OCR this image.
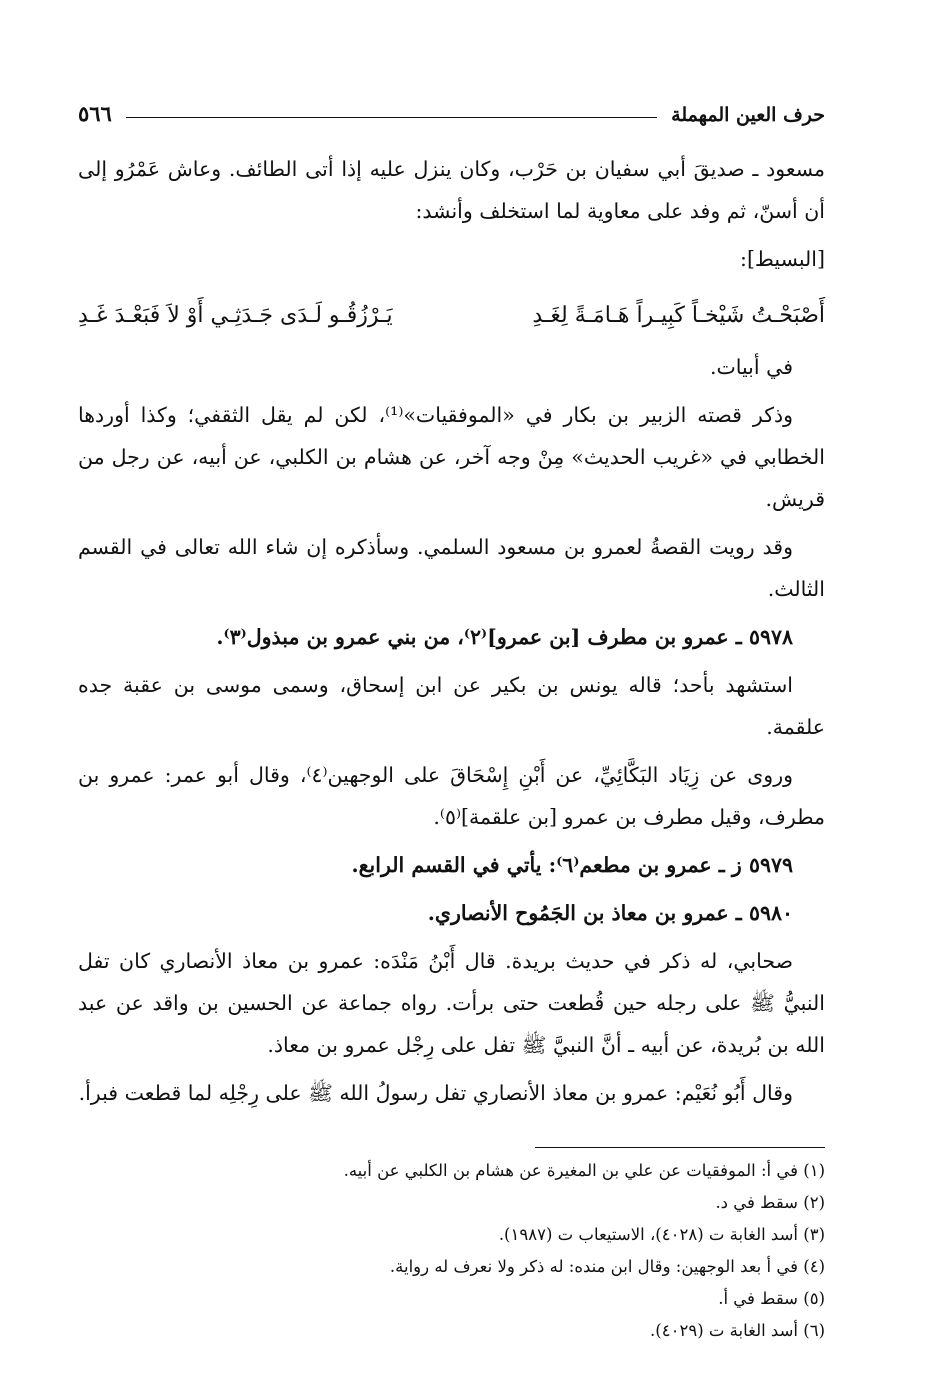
حرف العين المهملة
٥٦٦

مسعود ـ صديقَ أبي سفيان بن حَرْب، وكان ينزل عليه إذا أتى الطائف. وعاش عَمْرُو إلى أن أسنّ، ثم وفد على معاوية لما استخلف وأنشد:

[البسيط]:

أَصْبَحْـتُ شَيْخـاً كَبِيـراً هَـامَـةً لِغَـدِ
يَـرْزُقُـو لَـدَى جَـدَثِـي أَوْ لاَ فَبَعْـدَ غَـدِ

في أبيات.

وذكر قصته الزبير بن بكار في «الموفقيات»⁽¹⁾، لكن لم يقل الثقفي؛ وكذا أوردها الخطابي في «غريب الحديث» مِنْ وجه آخر، عن هشام بن الكلبي، عن أبيه، عن رجل من قريش.

وقد رويت القصةُ لعمرو بن مسعود السلمي. وسأذكره إن شاء الله تعالى في القسم الثالث.

٥٩٧٨ ـ عمرو بن مطرف [بن عمرو]⁽٢⁾، من بني عمرو بن مبذول⁽٣⁾.

استشهد بأحد؛ قاله يونس بن بكير عن ابن إسحاق، وسمى موسى بن عقبة جده علقمة.

وروى عن زِيَاد البَكَّائِيِّ، عن أَبْنِ إِسْحَاقَ على الوجهين⁽٤⁾، وقال أبو عمر: عمرو بن مطرف، وقيل مطرف بن عمرو [بن علقمة]⁽٥⁾.

٥٩٧٩ ز ـ عمرو بن مطعم⁽٦⁾: يأتي في القسم الرابع.

٥٩٨٠ ـ عمرو بن معاذ بن الجَمُوح الأنصاري.

صحابي، له ذكر في حديث بريدة. قال أَبْنُ مَنْدَه: عمرو بن معاذ الأنصاري كان تفل النبيُّ ﷺ على رجله حين قُطعت حتى برأت. رواه جماعة عن الحسين بن واقد عن عبد الله بن بُريدة، عن أبيه ـ أنَّ النبيَّ ﷺ تفل على رِجْل عمرو بن معاذ.

وقال أَبُو نُعَيْم: عمرو بن معاذ الأنصاري تفل رسولُ الله ﷺ على رِجْلِه لما قطعت فبرأ.

(١) في أ: الموفقيات عن علي بن المغيرة عن هشام بن الكلبي عن أبيه.
(٢) سقط في د.
(٣) أسد الغابة ت (٤٠٢٨)، الاستيعاب ت (١٩٨٧).
(٤) في أ بعد الوجهين: وقال ابن منده: له ذكر ولا نعرف له رواية.
(٥) سقط في أ.
(٦) أسد الغابة ت (٤٠٢٩).
